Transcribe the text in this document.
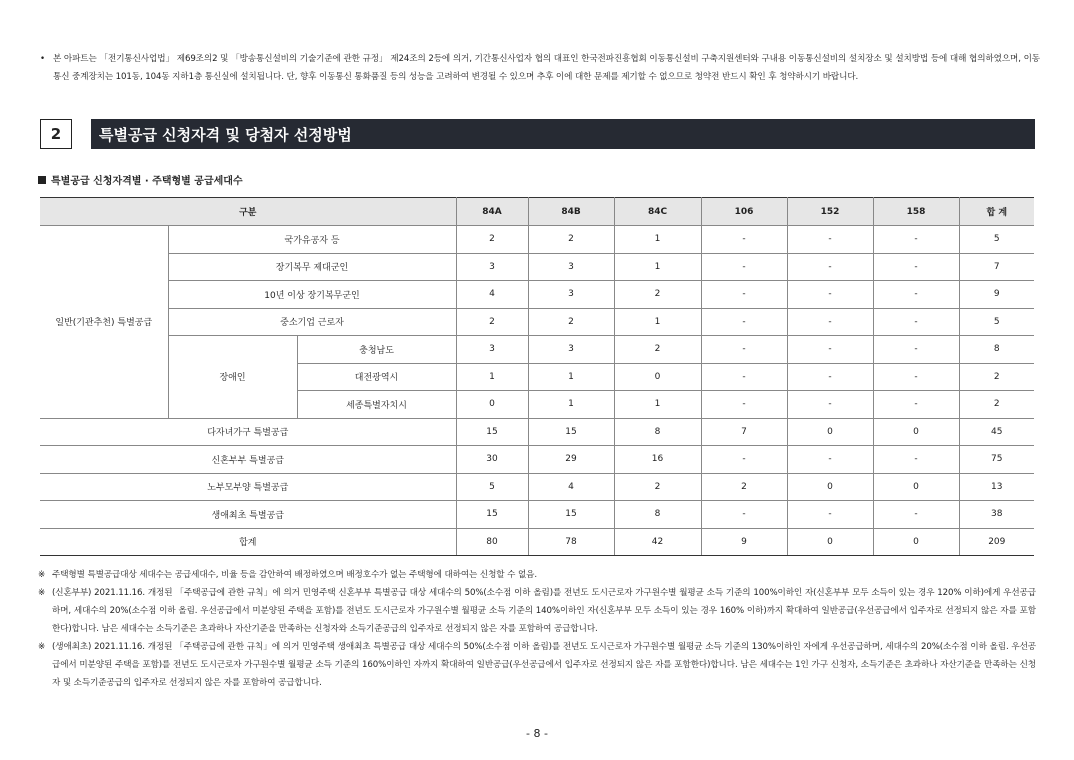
• 본 아파트는 「전기통신사업법」 제69조의2 및 「방송통신설비의 기술기준에 관한 규정」 제24조의 2등에 의거, 기간통신사업자 협의 대표인 한국전파진흥협회 이동통신설비 구축지원센터와 구내용 이동통신설비의 설치장소 및 설치방법 등에 대해 협의하였으며, 이동통신 중계장치는 101동, 104동 지하1층 통신실에 설치됩니다. 단, 향후 이동통신 통화품질 등의 성능을 고려하여 변경될 수 있으며 추후 이에 대한 문제를 제기할 수 없으므로 청약전 반드시 확인 후 청약하시기 바랍니다.
2	특별공급 신청자격 및 당첨자 선정방법
특별공급 신청자격별 · 주택형별 공급세대수
구분			84A	84B	84C	106	152	158	합 계
일반(기관추천) 특별공급	국가유공자 등		2	2	1	-	-	-	5
	장기복무 제대군인		3	3	1	-	-	-	7
	10년 이상 장기복무군인		4	3	2	-	-	-	9
	중소기업 근로자		2	2	1	-	-	-	5
	장애인	충청남도	3	3	2	-	-	-	8
		대전광역시	1	1	0	-	-	-	2
		세종특별자치시	0	1	1	-	-	-	2
다자녀가구 특별공급			15	15	8	7	0	0	45
신혼부부 특별공급			30	29	16	-	-	-	75
노부모부양 특별공급			5	4	2	2	0	0	13
생애최초 특별공급			15	15	8	-	-	-	38
합계			80	78	42	9	0	0	209
※ 주택형별 특별공급대상 세대수는 공급세대수, 비율 등을 감안하여 배정하였으며 배정호수가 없는 주택형에 대하여는 신청할 수 없음.
※ (신혼부부) 2021.11.16. 개정된 「주택공급에 관한 규칙」에 의거 민영주택 신혼부부 특별공급 대상 세대수의 50%(소수점 이하 올림)를 전년도 도시근로자 가구원수별 월평균 소득 기준의 100%이하인 자(신혼부부 모두 소득이 있는 경우 120% 이하)에게 우선공급하며, 세대수의 20%(소수점 이하 올림. 우선공급에서 미분양된 주택을 포함)를 전년도 도시근로자 가구원수별 월평균 소득 기준의 140%이하인 자(신혼부부 모두 소득이 있는 경우 160% 이하)까지 확대하여 일반공급(우선공급에서 입주자로 선정되지 않은 자를 포함한다)합니다. 남은 세대수는 소득기준은 초과하나 자산기준을 만족하는 신청자와 소득기준공급의 입주자로 선정되지 않은 자를 포함하여 공급합니다.
※ (생애최초) 2021.11.16. 개정된 「주택공급에 관한 규칙」에 의거 민영주택 생애최초 특별공급 대상 세대수의 50%(소수점 이하 올림)를 전년도 도시근로자 가구원수별 월평균 소득 기준의 130%이하인 자에게 우선공급하며, 세대수의 20%(소수점 이하 올림. 우선공급에서 미분양된 주택을 포함)를 전년도 도시근로자 가구원수별 월평균 소득 기준의 160%이하인 자까지 확대하여 일반공급(우선공급에서 입주자로 선정되지 않은 자를 포함한다)합니다. 남은 세대수는 1인 가구 신청자, 소득기준은 초과하나 자산기준을 만족하는 신청자 및 소득기준공급의 입주자로 선정되지 않은 자를 포함하여 공급합니다.
- 8 -
